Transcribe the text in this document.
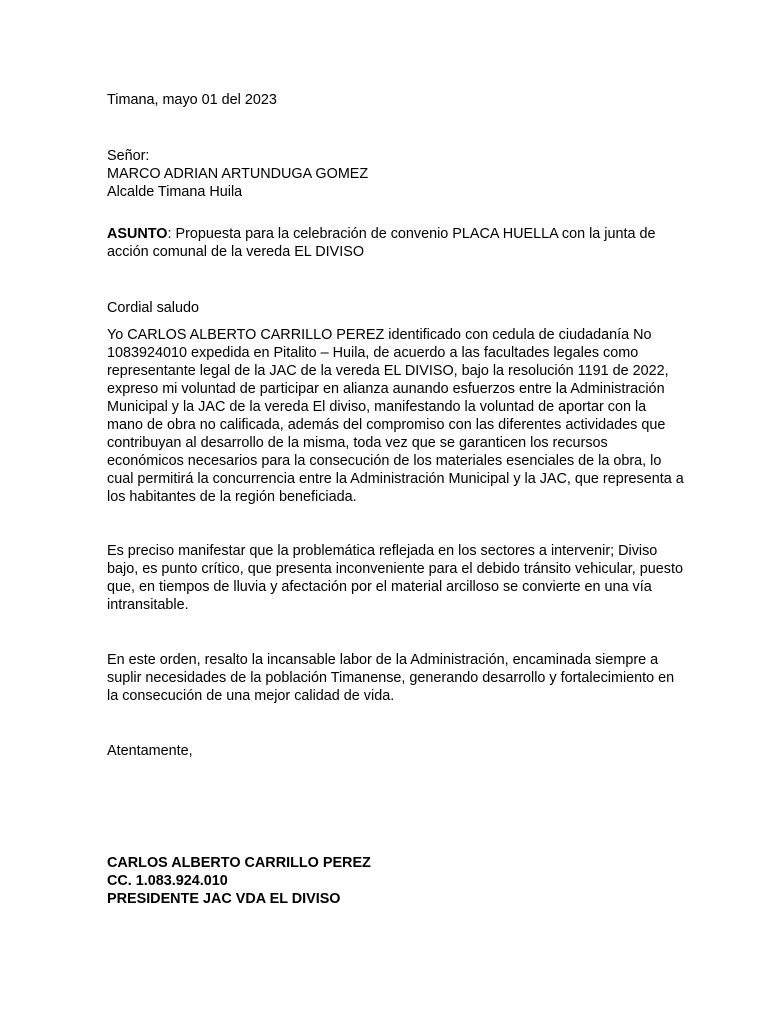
Timana, mayo 01 del 2023

Señor:
MARCO ADRIAN ARTUNDUGA GOMEZ
Alcalde Timana Huila
ASUNTO: Propuesta para la celebración de convenio PLACA HUELLA con la junta de
acción comunal de la vereda EL DIVISO

Cordial saludo

Yo CARLOS ALBERTO CARRILLO PEREZ identificado con cedula de ciudadanía No
1083924010 expedida en Pitalito – Huila, de acuerdo a las facultades legales como
representante legal de la JAC de la vereda EL DIVISO, bajo la resolución 1191 de 2022,
expreso mi voluntad de participar en alianza aunando esfuerzos entre la Administración
Municipal y la JAC de la vereda El diviso, manifestando la voluntad de aportar con la
mano de obra no calificada, además del compromiso con las diferentes actividades que
contribuyan al desarrollo de la misma, toda vez que se garanticen los recursos
económicos necesarios para la consecución de los materiales esenciales de la obra, lo
cual permitirá la concurrencia entre la Administración Municipal y la JAC, que representa a
los habitantes de la región beneficiada.
Es preciso manifestar que la problemática reflejada en los sectores a intervenir; Diviso
bajo, es punto crítico, que presenta inconveniente para el debido tránsito vehicular, puesto
que, en tiempos de lluvia y afectación por el material arcilloso se convierte en una vía
intransitable.
En este orden, resalto la incansable labor de la Administración, encaminada siempre a
suplir necesidades de la población Timanense, generando desarrollo y fortalecimiento en
la consecución de una mejor calidad de vida.

Atentamente,

CARLOS ALBERTO CARRILLO PEREZ
CC. 1.083.924.010
PRESIDENTE JAC VDA EL DIVISO
